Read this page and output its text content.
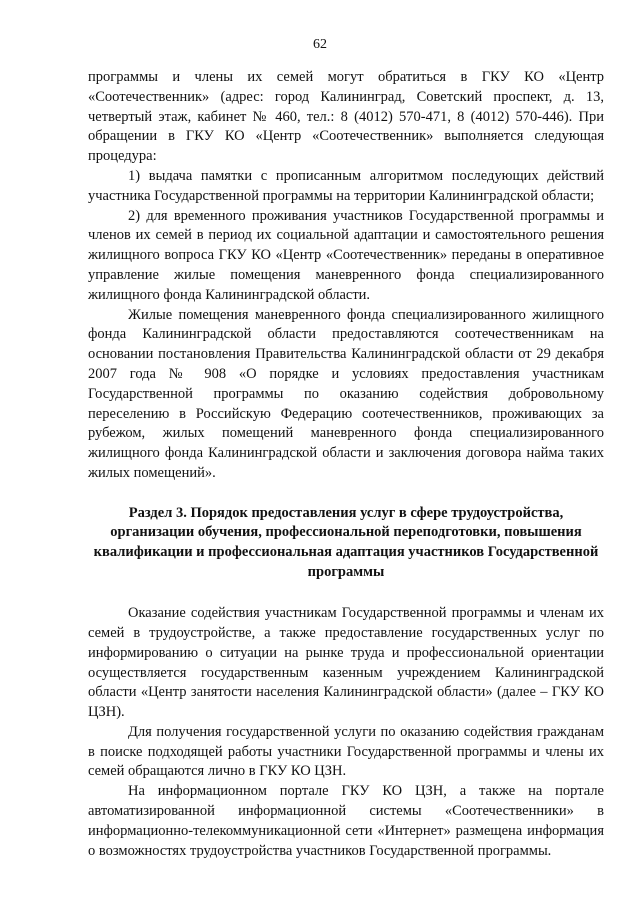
62

программы и члены их семей могут обратиться в ГКУ КО «Центр «Соотечественник» (адрес: город Калининград, Советский проспект, д. 13, четвертый этаж, кабинет № 460, тел.: 8 (4012) 570-471, 8 (4012) 570-446). При обращении в ГКУ КО «Центр «Соотечественник» выполняется следующая процедура:

1) выдача памятки с прописанным алгоритмом последующих действий участника Государственной программы на территории Калининградской области;

2) для временного проживания участников Государственной программы и членов их семей в период их социальной адаптации и самостоятельного решения жилищного вопроса ГКУ КО «Центр «Соотечественник» переданы в оперативное управление жилые помещения маневренного фонда специализированного жилищного фонда Калининградской области.

Жилые помещения маневренного фонда специализированного жилищного фонда Калининградской области предоставляются соотечественникам на основании постановления Правительства Калининградской области от 29 декабря 2007 года № 908 «О порядке и условиях предоставления участникам Государственной программы по оказанию содействия добровольному переселению в Российскую Федерацию соотечественников, проживающих за рубежом, жилых помещений маневренного фонда специализированного жилищного фонда Калининградской области и заключения договора найма таких жилых помещений».

Раздел 3. Порядок предоставления услуг в сфере трудоустройства, организации обучения, профессиональной переподготовки, повышения квалификации и профессиональная адаптация участников Государственной программы

Оказание содействия участникам Государственной программы и членам их семей в трудоустройстве, а также предоставление государственных услуг по информированию о ситуации на рынке труда и профессиональной ориентации осуществляется государственным казенным учреждением Калининградской области «Центр занятости населения Калининградской области» (далее – ГКУ КО ЦЗН).

Для получения государственной услуги по оказанию содействия гражданам в поиске подходящей работы участники Государственной программы и члены их семей обращаются лично в ГКУ КО ЦЗН.

На информационном портале ГКУ КО ЦЗН, а также на портале автоматизированной информационной системы «Соотечественники» в информационно-телекоммуникационной сети «Интернет» размещена информация о возможностях трудоустройства участников Государственной программы.
